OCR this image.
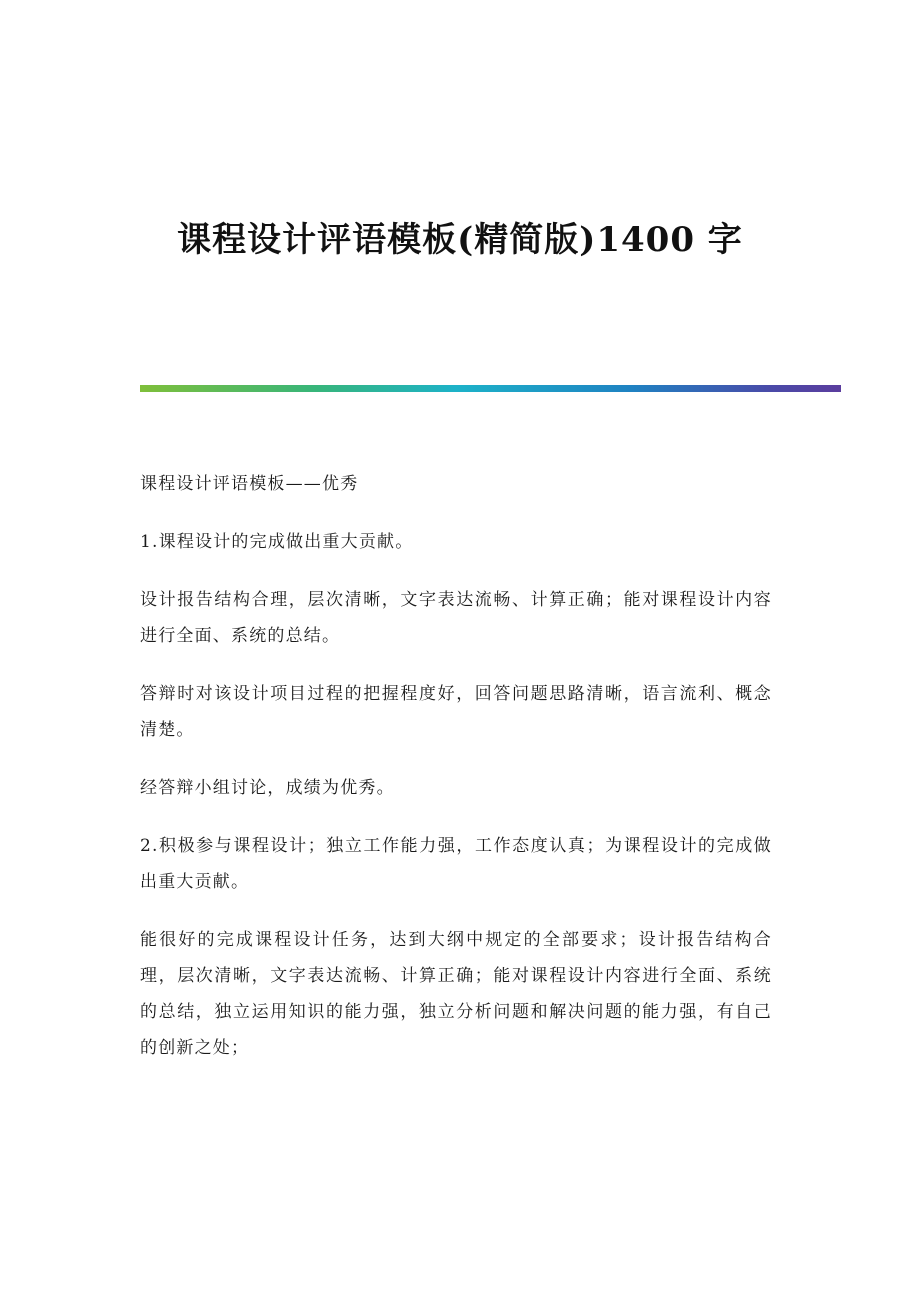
课程设计评语模板(精简版)1400 字

课程设计评语模板——优秀

1.课程设计的完成做出重大贡献。

设计报告结构合理，层次清晰，文字表达流畅、计算正确；能对课程设计内容进行全面、系统的总结。

答辩时对该设计项目过程的把握程度好，回答问题思路清晰，语言流利、概念清楚。

经答辩小组讨论，成绩为优秀。

2.积极参与课程设计；独立工作能力强，工作态度认真；为课程设计的完成做出重大贡献。

能很好的完成课程设计任务，达到大纲中规定的全部要求；设计报告结构合理，层次清晰，文字表达流畅、计算正确；能对课程设计内容进行全面、系统的总结，独立运用知识的能力强，独立分析问题和解决问题的能力强，有自己的创新之处；
